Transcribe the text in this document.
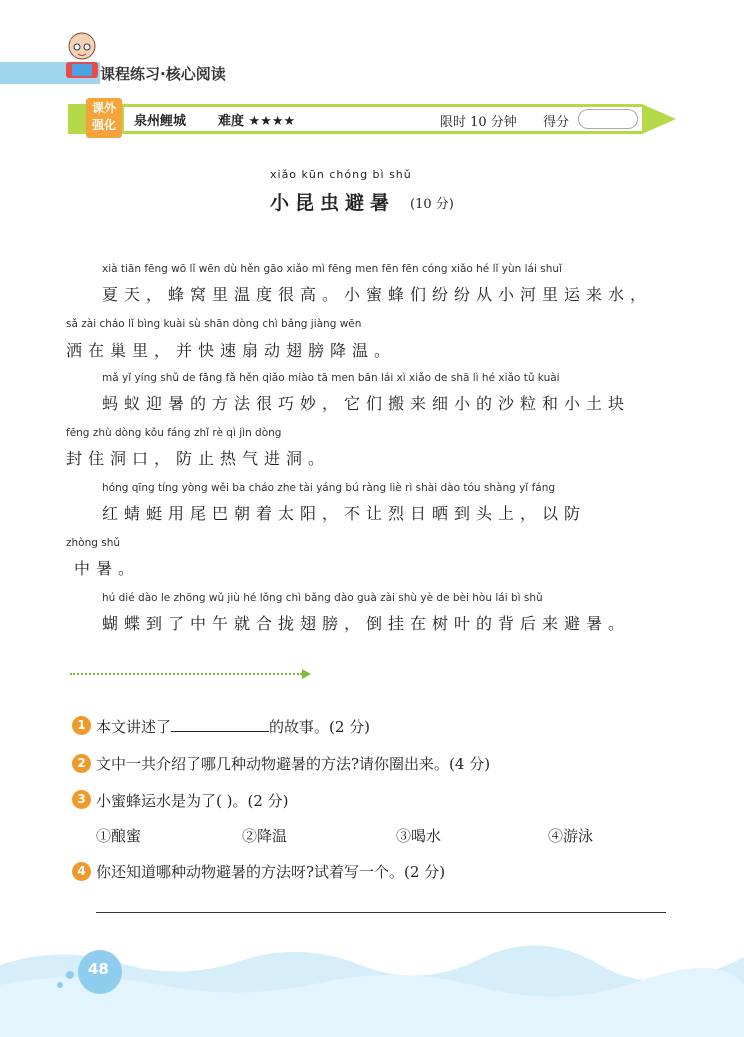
课程练习·核心阅读
课外
强化	泉州鲤城 难度 ★★★★	限时 10 分钟 得分
xiǎo kūn chóng bì shǔ
小昆虫避暑 (10 分)
xià tiān fēng wō lǐ wēn dù hěn gāo xiǎo mì fēng men fēn fēn cóng xiǎo hé lǐ yùn lái shuǐ
夏天，蜂窝里温度很高。小蜜蜂们纷纷从小河里运来水，
sǎ zài cháo lǐ bìng kuài sù shān dòng chì bǎng jiàng wēn
洒在巢里，并快速扇动翅膀降温。
mǎ yǐ yíng shǔ de fāng fǎ hěn qiǎo miào tā men bān lái xì xiǎo de shā lì hé xiǎo tǔ kuài
蚂蚁迎暑的方法很巧妙，它们搬来细小的沙粒和小土块
fēng zhù dòng kǒu fáng zhǐ rè qì jìn dòng
封住洞口，防止热气进洞。
hóng qīng tíng yòng wěi ba cháo zhe tài yáng bú ràng liè rì shài dào tóu shàng yǐ fáng
红蜻蜓用尾巴朝着太阳，不让烈日晒到头上，以防
zhòng shǔ
中暑。
hú dié dào le zhōng wǔ jiù hé lǒng chì bǎng dào guà zài shù yè de bèi hòu lái bì shǔ
蝴蝶到了中午就合拢翅膀，倒挂在树叶的背后来避暑。
1 本文讲述了	的故事。(2 分)
2 文中一共介绍了哪几种动物避暑的方法?请你圈出来。(4 分)
3 小蜜蜂运水是为了( )。(2 分)
①酿蜜	②降温	③喝水	④游泳
4 你还知道哪种动物避暑的方法呀?试着写一个。(2 分)
48
